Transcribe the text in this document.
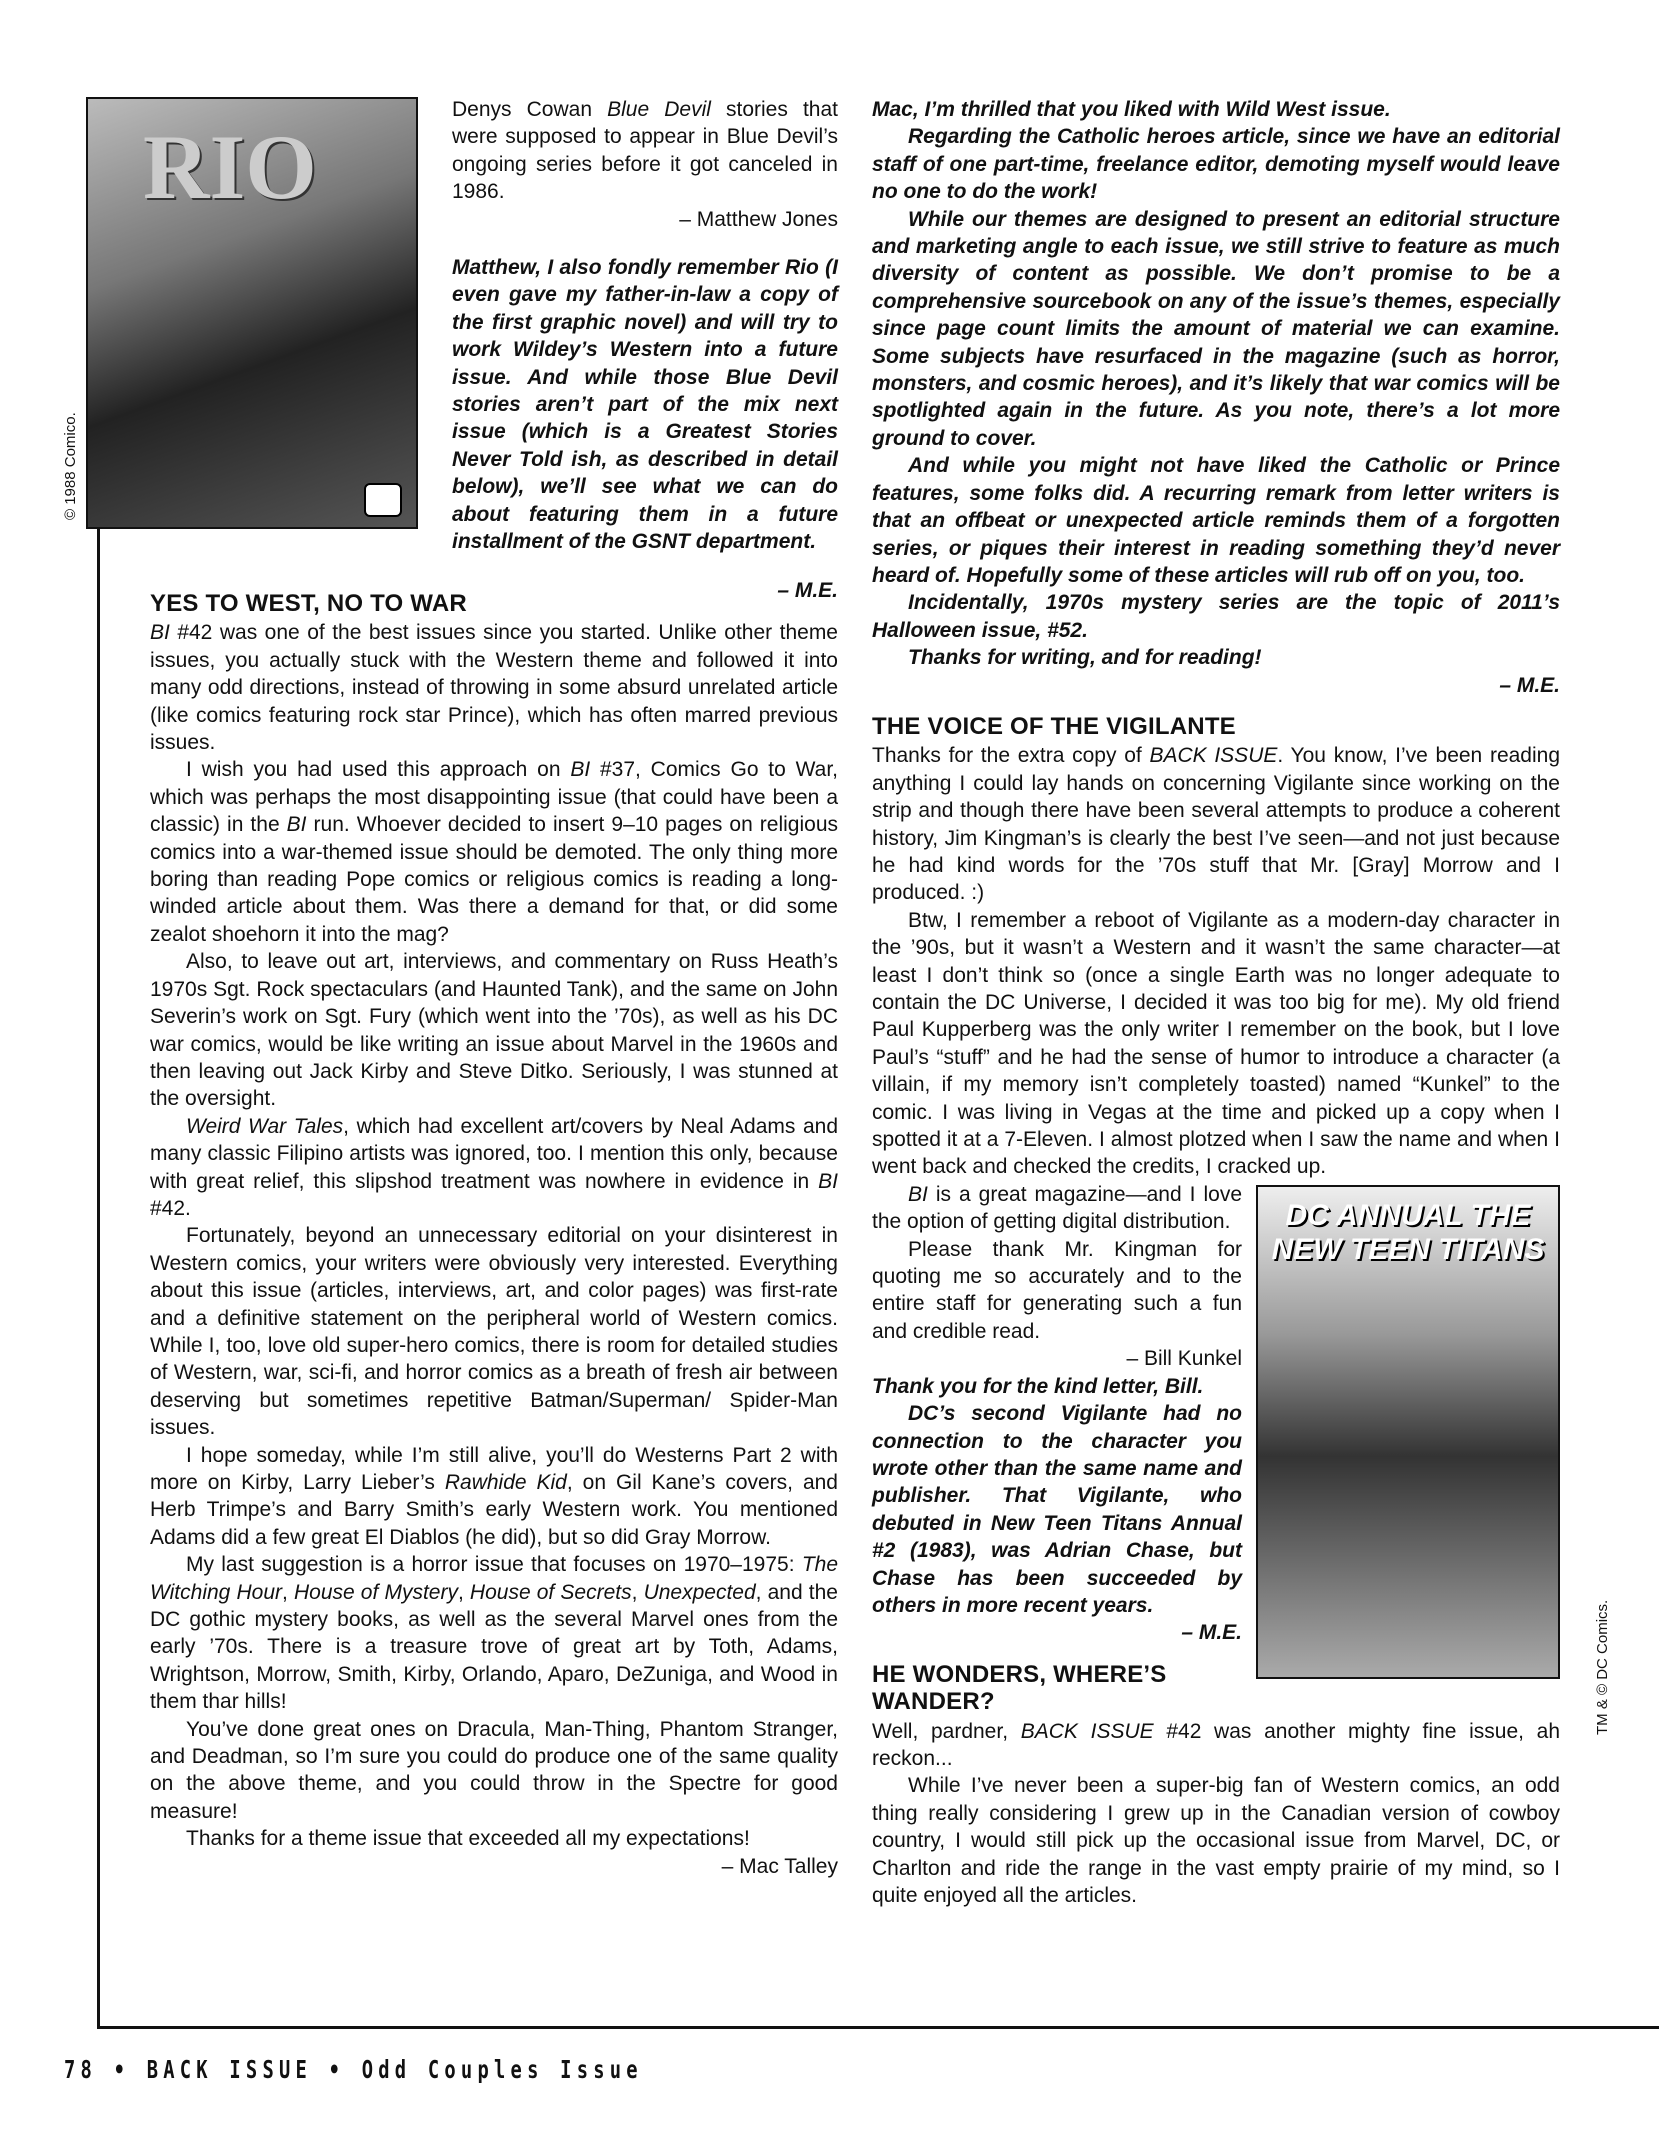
RIO
© 1988 Comico.

Denys Cowan Blue Devil stories that were supposed to appear in Blue Devil’s ongoing series before it got canceled in 1986.

– Matthew Jones

Matthew, I also fondly remember Rio (I even gave my father-in-law a copy of the first graphic novel) and will try to work Wildey’s Western into a future issue. And while those Blue Devil stories aren’t part of the mix next issue (which is a Greatest Stories Never Told ish, as described in detail below), we’ll see what we can do about featuring them in a future installment of the GSNT department.

– M.E.

YES TO WEST, NO TO WAR

BI #42 was one of the best issues since you started. Unlike other theme issues, you actually stuck with the Western theme and followed it into many odd directions, instead of throwing in some absurd unrelated article (like comics featuring rock star Prince), which has often marred previous issues.

I wish you had used this approach on BI #37, Comics Go to War, which was perhaps the most disappointing issue (that could have been a classic) in the BI run. Whoever decided to insert 9–10 pages on religious comics into a war-themed issue should be demoted. The only thing more boring than reading Pope comics or religious comics is reading a long-winded article about them. Was there a demand for that, or did some zealot shoehorn it into the mag?

Also, to leave out art, interviews, and commentary on Russ Heath’s 1970s Sgt. Rock spectaculars (and Haunted Tank), and the same on John Severin’s work on Sgt. Fury (which went into the ’70s), as well as his DC war comics, would be like writing an issue about Marvel in the 1960s and then leaving out Jack Kirby and Steve Ditko. Seriously, I was stunned at the oversight.

Weird War Tales, which had excellent art/covers by Neal Adams and many classic Filipino artists was ignored, too. I mention this only, because with great relief, this slipshod treatment was nowhere in evidence in BI #42.

Fortunately, beyond an unnecessary editorial on your disinterest in Western comics, your writers were obviously very interested. Everything about this issue (articles, interviews, art, and color pages) was first-rate and a definitive statement on the peripheral world of Western comics. While I, too, love old super-hero comics, there is room for detailed studies of Western, war, sci-fi, and horror comics as a breath of fresh air between deserving but sometimes repetitive Batman/Superman/ Spider-Man issues.

I hope someday, while I’m still alive, you’ll do Westerns Part 2 with more on Kirby, Larry Lieber’s Rawhide Kid, on Gil Kane’s covers, and Herb Trimpe’s and Barry Smith’s early Western work. You mentioned Adams did a few great El Diablos (he did), but so did Gray Morrow.

My last suggestion is a horror issue that focuses on 1970–1975: The Witching Hour, House of Mystery, House of Secrets, Unexpected, and the DC gothic mystery books, as well as the several Marvel ones from the early ’70s. There is a treasure trove of great art by Toth, Adams, Wrightson, Morrow, Smith, Kirby, Orlando, Aparo, DeZuniga, and Wood in them thar hills!

You’ve done great ones on Dracula, Man-Thing, Phantom Stranger, and Deadman, so I’m sure you could do produce one of the same quality on the above theme, and you could throw in the Spectre for good measure!

Thanks for a theme issue that exceeded all my expectations!

– Mac Talley

Mac, I’m thrilled that you liked with Wild West issue.

Regarding the Catholic heroes article, since we have an editorial staff of one part-time, freelance editor, demoting myself would leave no one to do the work!

While our themes are designed to present an editorial structure and marketing angle to each issue, we still strive to feature as much diversity of content as possible. We don’t promise to be a comprehensive sourcebook on any of the issue’s themes, especially since page count limits the amount of material we can examine. Some subjects have resurfaced in the magazine (such as horror, monsters, and cosmic heroes), and it’s likely that war comics will be spotlighted again in the future. As you note, there’s a lot more ground to cover.

And while you might not have liked the Catholic or Prince features, some folks did. A recurring remark from letter writers is that an offbeat or unexpected article reminds them of a forgotten series, or piques their interest in reading something they’d never heard of. Hopefully some of these articles will rub off on you, too.

Incidentally, 1970s mystery series are the topic of 2011’s Halloween issue, #52.

Thanks for writing, and for reading!

– M.E.

THE VOICE OF THE VIGILANTE

Thanks for the extra copy of BACK ISSUE. You know, I’ve been reading anything I could lay hands on concerning Vigilante since working on the strip and though there have been several attempts to produce a coherent history, Jim Kingman’s is clearly the best I’ve seen—and not just because he had kind words for the ’70s stuff that Mr. [Gray] Morrow and I produced. :)

Btw, I remember a reboot of Vigilante as a modern-day character in the ’90s, but it wasn’t a Western and it wasn’t the same character—at least I don’t think so (once a single Earth was no longer adequate to contain the DC Universe, I decided it was too big for me). My old friend Paul Kupperberg was the only writer I remember on the book, but I love Paul’s “stuff” and he had the sense of humor to introduce a character (a villain, if my memory isn’t completely toasted) named “Kunkel” to the comic. I was living in Vegas at the time and picked up a copy when I spotted it at a 7-Eleven. I almost plotzed when I saw the name and when I went back and checked the credits, I cracked up.

DC ANNUAL THE NEW TEEN TITANS

BI is a great magazine—and I love the option of getting digital distribution.

Please thank Mr. Kingman for quoting me so accurately and to the entire staff for generating such a fun and credible read.

– Bill Kunkel

Thank you for the kind letter, Bill.

DC’s second Vigilante had no connection to the character you wrote other than the same name and publisher. That Vigilante, who debuted in New Teen Titans Annual #2 (1983), was Adrian Chase, but Chase has been succeeded by others in more recent years.

– M.E.

HE WONDERS, WHERE’S WANDER?

Well, pardner, BACK ISSUE #42 was another mighty fine issue, ah reckon...

While I’ve never been a super-big fan of Western comics, an odd thing really considering I grew up in the Canadian version of cowboy country, I would still pick up the occasional issue from Marvel, DC, or Charlton and ride the range in the vast empty prairie of my mind, so I quite enjoyed all the articles.

TM & © DC Comics.
78 • BACK ISSUE • Odd Couples Issue
